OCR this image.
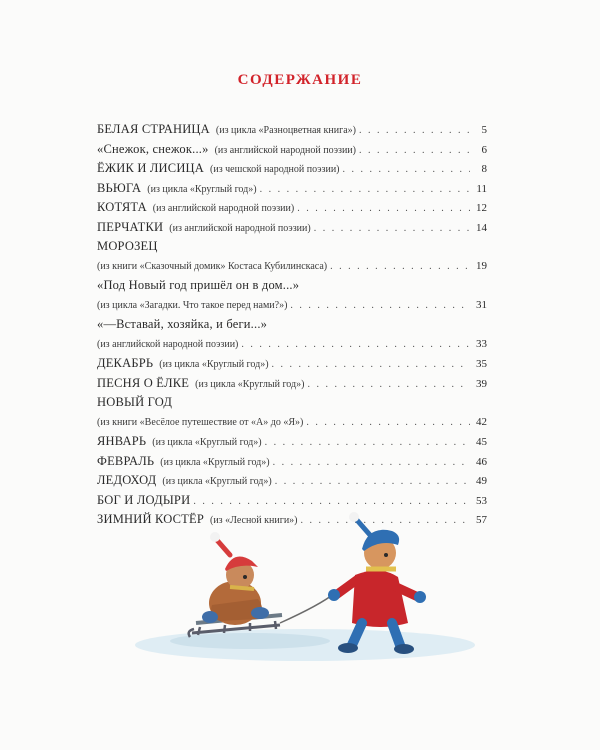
СОДЕРЖАНИЕ
БЕЛАЯ СТРАНИЦА (из цикла «Разноцветная книга») . . .	5
«Снежок, снежок...» (из английской народной поэзии) . . .	6
ЁЖИК И ЛИСИЦА (из чешской народной поэзии) . . .	8
ВЬЮГА (из цикла «Круглый год») . . .	11
КОТЯТА (из английской народной поэзии) . . .	12
ПЕРЧАТКИ (из английской народной поэзии) . . .	14
МОРОЗЕЦ
(из книги «Сказочный домик» Костаса Кубилинскаса) . . .	19
«Под Новый год пришёл он в дом...»
(из цикла «Загадки. Что такое перед нами?») . . .	31
«—Вставай, хозяйка, и беги...»
(из английской народной поэзии) . . .	33
ДЕКАБРЬ (из цикла «Круглый год») . . .	35
ПЕСНЯ О ЁЛКЕ (из цикла «Круглый год») . . .	39
НОВЫЙ ГОД
(из книги «Весёлое путешествие от «А» до «Я») . . .	42
ЯНВАРЬ (из цикла «Круглый год») . . .	45
ФЕВРАЛЬ (из цикла «Круглый год») . . .	46
ЛЕДОХОД (из цикла «Круглый год») . . .	49
БОГ И ЛОДЫРИ . . .	53
ЗИМНИЙ КОСТЁР (из «Лесной книги») . . .	57
